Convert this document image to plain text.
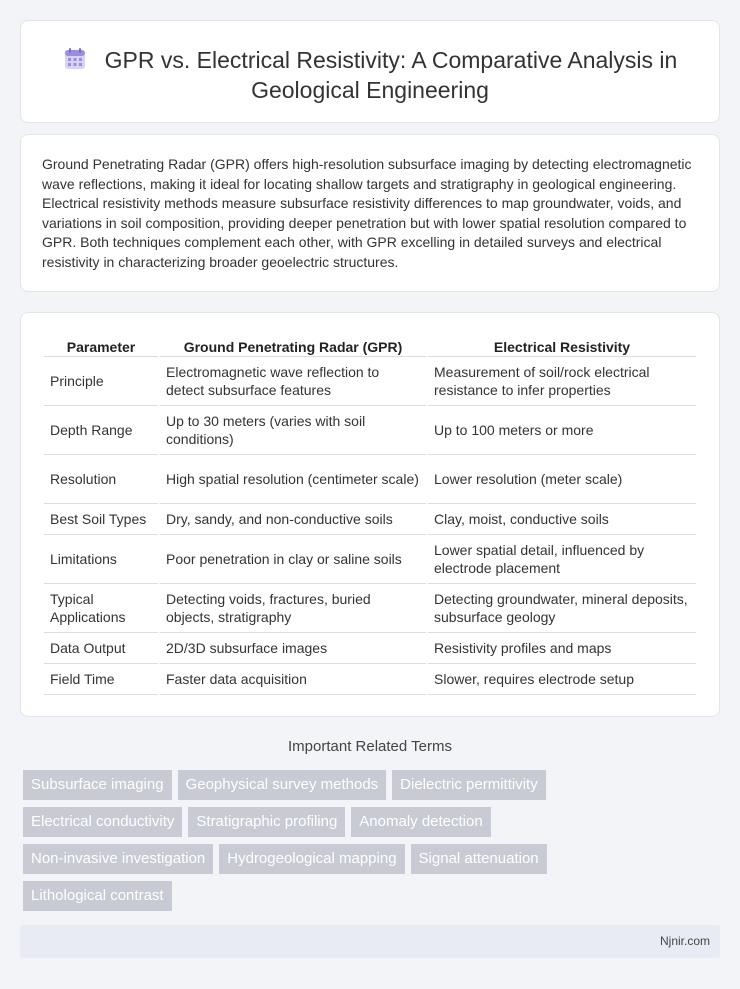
GPR vs. Electrical Resistivity: A Comparative Analysis in Geological Engineering

Ground Penetrating Radar (GPR) offers high-resolution subsurface imaging by detecting electromagnetic wave reflections, making it ideal for locating shallow targets and stratigraphy in geological engineering. Electrical resistivity methods measure subsurface resistivity differences to map groundwater, voids, and variations in soil composition, providing deeper penetration but with lower spatial resolution compared to GPR. Both techniques complement each other, with GPR excelling in detailed surveys and electrical resistivity in characterizing broader geoelectric structures.

Parameter	Ground Penetrating Radar (GPR)	Electrical Resistivity
Principle	Electromagnetic wave reflection to detect subsurface features	Measurement of soil/rock electrical resistance to infer properties
Depth Range	Up to 30 meters (varies with soil conditions)	Up to 100 meters or more
Resolution	High spatial resolution (centimeter scale)	Lower resolution (meter scale)
Best Soil Types	Dry, sandy, and non-conductive soils	Clay, moist, conductive soils
Limitations	Poor penetration in clay or saline soils	Lower spatial detail, influenced by electrode placement
Typical Applications	Detecting voids, fractures, buried objects, stratigraphy	Detecting groundwater, mineral deposits, subsurface geology
Data Output	2D/3D subsurface images	Resistivity profiles and maps
Field Time	Faster data acquisition	Slower, requires electrode setup
Important Related Terms
Subsurface imaging	Geophysical survey methods	Dielectric permittivity
Electrical conductivity	Stratigraphic profiling	Anomaly detection
Non-invasive investigation	Hydrogeological mapping	Signal attenuation
Lithological contrast
Njnir.com
